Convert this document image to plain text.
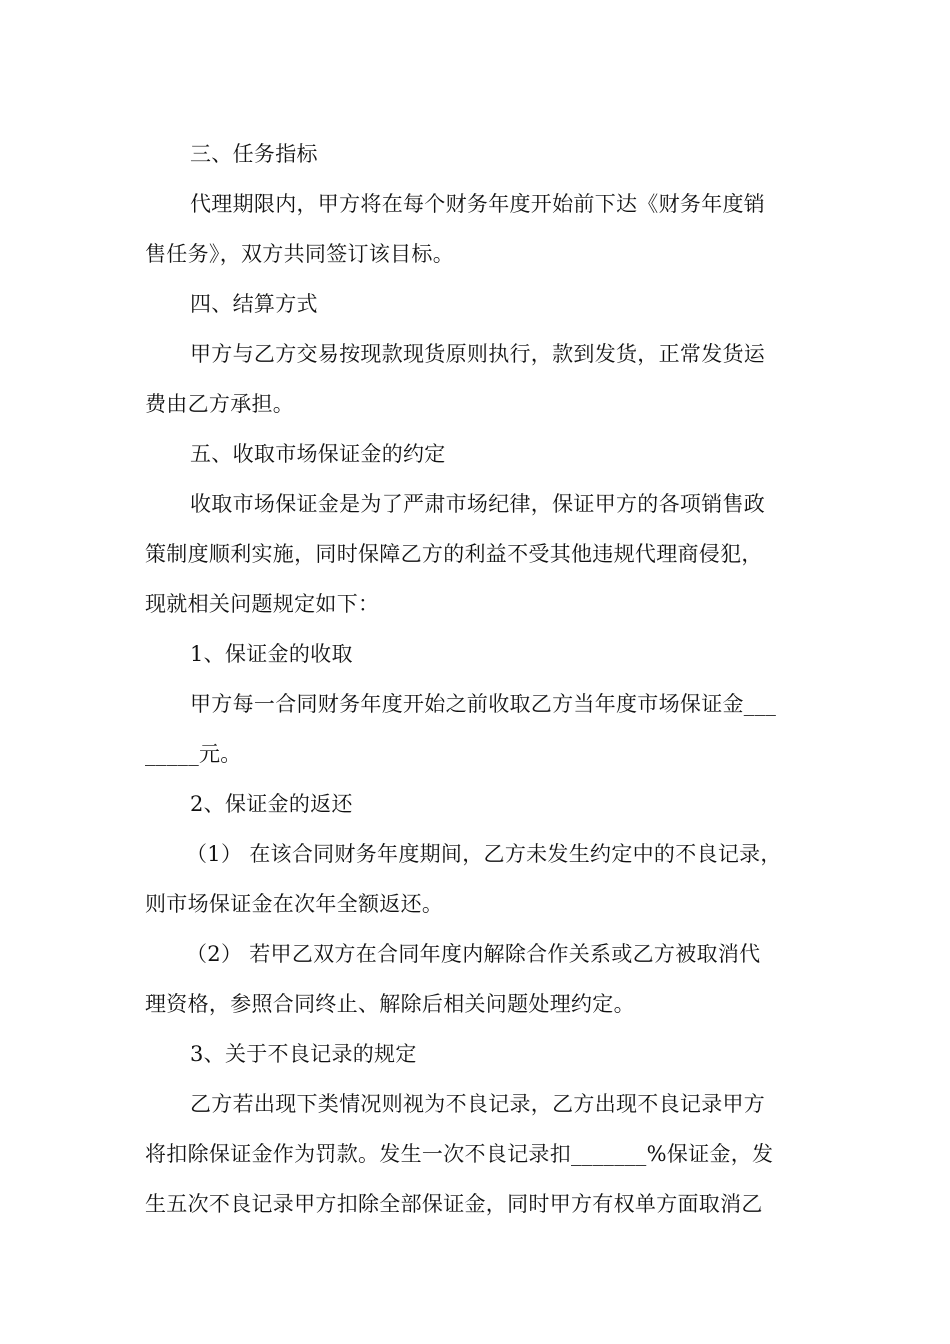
三、任务指标
代理期限内，甲方将在每个财务年度开始前下达《财务年度销
售任务》，双方共同签订该目标。
四、结算方式
甲方与乙方交易按现款现货原则执行，款到发货，正常发货运
费由乙方承担。
五、收取市场保证金的约定
收取市场保证金是为了严肃市场纪律，保证甲方的各项销售政
策制度顺利实施，同时保障乙方的利益不受其他违规代理商侵犯，
现就相关问题规定如下：
1、保证金的收取
甲方每一合同财务年度开始之前收取乙方当年度市场保证金___
_____元。
2、保证金的返还
（1） 在该合同财务年度期间，乙方未发生约定中的不良记录，
则市场保证金在次年全额返还。
（2） 若甲乙双方在合同年度内解除合作关系或乙方被取消代
理资格，参照合同终止、解除后相关问题处理约定。
3、关于不良记录的规定
乙方若出现下类情况则视为不良记录，乙方出现不良记录甲方
将扣除保证金作为罚款。发生一次不良记录扣_______%保证金，发
生五次不良记录甲方扣除全部保证金，同时甲方有权单方面取消乙
